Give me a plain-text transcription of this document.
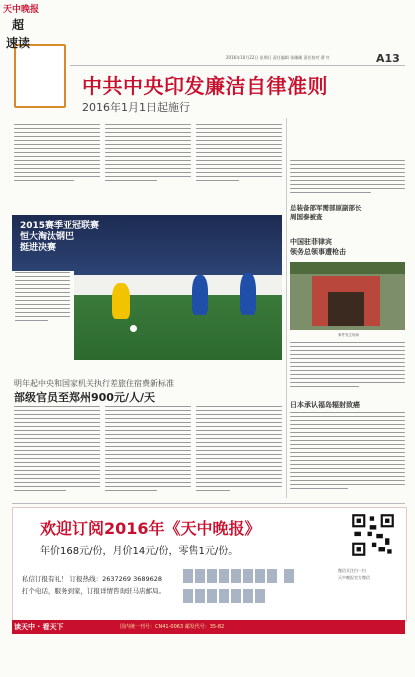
天中晚报
超
速读
2016年10月22日 星期日 责任编辑 张珊珊 责任校对 曹 红	A13
中共中央印发廉洁自律准则
2016年1月1日起施行
2015赛季亚冠联赛
恒大淘汰钢巴
挺进决赛
明年起中央和国家机关执行差旅住宿费新标准
部级官员至郑州900元/人/天
总装备部军需部原副部长
周国泰被查
中国驻菲律宾
领务总领事遭枪击
事件发生现场
日本承认福岛辐射致癌
欢迎订阅2016年《天中晚报》
年价168元/份，月价14元/份，零售1元/份。
私信订报有礼！ 订报热线：2637269 3689628
打个电话，服务到家，订报详情咨询驻马店邮局。

微信关注扫一扫
天中晚报官方微信
读天中 · 看天下	国内统一刊号：CN41-0063 邮发代号：35-82
